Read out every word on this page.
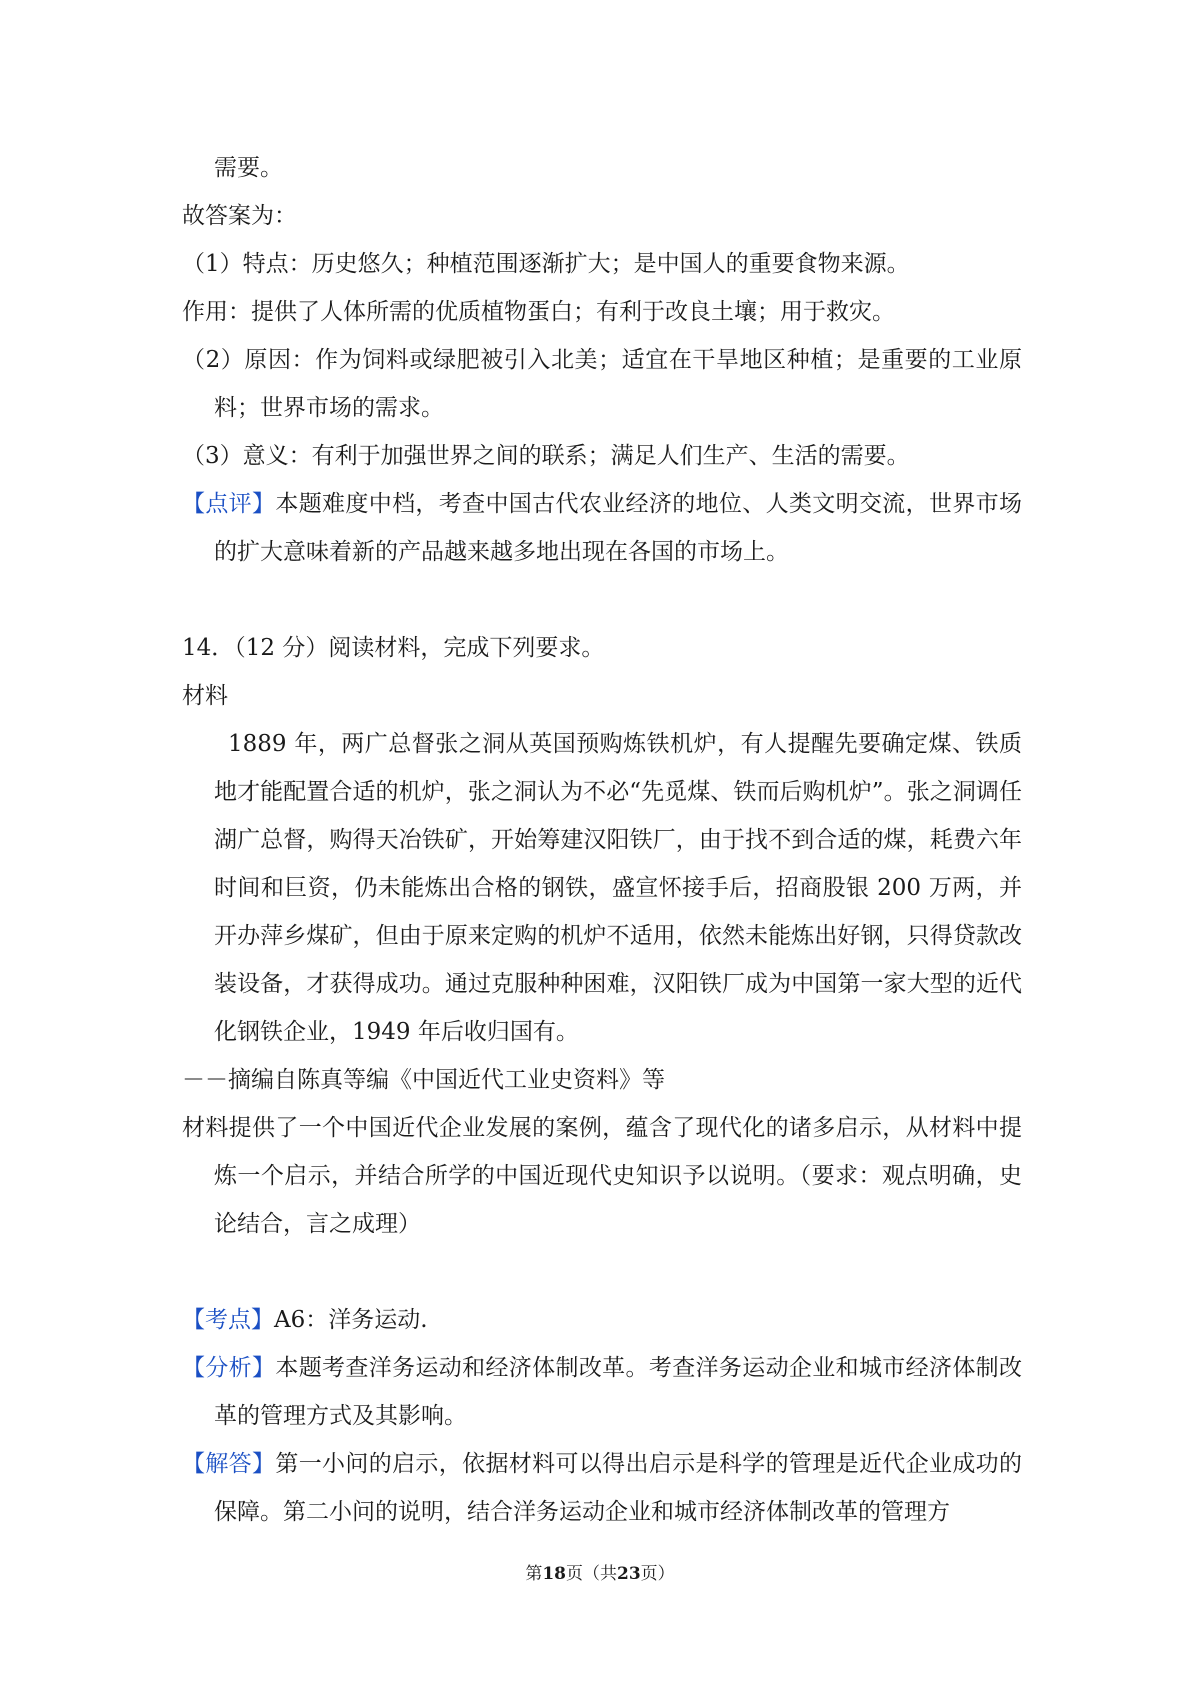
需要。

故答案为：

（1）特点：历史悠久；种植范围逐渐扩大；是中国人的重要食物来源。

作用：提供了人体所需的优质植物蛋白；有利于改良土壤；用于救灾。

（2）原因：作为饲料或绿肥被引入北美；适宜在干旱地区种植；是重要的工业原料；世界市场的需求。

（3）意义：有利于加强世界之间的联系；满足人们生产、生活的需要。

【点评】本题难度中档，考查中国古代农业经济的地位、人类文明交流，世界市场的扩大意味着新的产品越来越多地出现在各国的市场上。

14．（12 分）阅读材料，完成下列要求。

材料

1889 年，两广总督张之洞从英国预购炼铁机炉，有人提醒先要确定煤、铁质地才能配置合适的机炉，张之洞认为不必“先觅煤、铁而后购机炉”。张之洞调任湖广总督，购得天冶铁矿，开始筹建汉阳铁厂，由于找不到合适的煤，耗费六年时间和巨资，仍未能炼出合格的钢铁，盛宣怀接手后，招商股银 200 万两，并开办萍乡煤矿，但由于原来定购的机炉不适用，依然未能炼出好钢，只得贷款改装设备，才获得成功。通过克服种种困难，汉阳铁厂成为中国第一家大型的近代化钢铁企业，1949 年后收归国有。

－－摘编自陈真等编《中国近代工业史资料》等

材料提供了一个中国近代企业发展的案例，蕴含了现代化的诸多启示，从材料中提炼一个启示，并结合所学的中国近现代史知识予以说明。（要求：观点明确，史论结合，言之成理）

【考点】A6：洋务运动.

【分析】本题考查洋务运动和经济体制改革。考查洋务运动企业和城市经济体制改革的管理方式及其影响。

【解答】第一小问的启示，依据材料可以得出启示是科学的管理是近代企业成功的保障。第二小问的说明，结合洋务运动企业和城市经济体制改革的管理方

第18页（共23页）
